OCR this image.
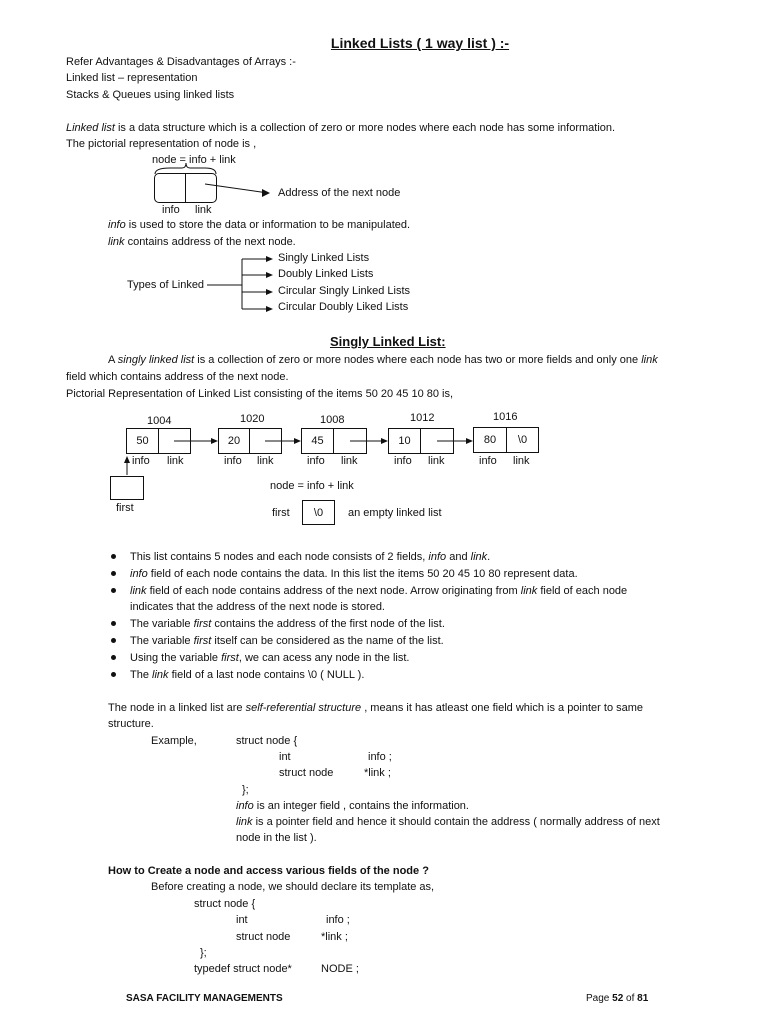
Linked Lists ( 1 way list ) :-
Refer Advantages & Disadvantages of Arrays :-
Linked list – representation
Stacks & Queues using linked lists
Linked list is a data structure which is a collection of zero or more nodes where each node has some information.
The pictorial representation of node is ,
node = info + link
info link
Address of the next node
info is used to store the data or information to be manipulated.
link contains address of the next node.
Types of Linked
Singly Linked Lists
Doubly Linked Lists
Circular Singly Linked Lists
Circular Doubly Liked Lists
Singly Linked List:
A singly linked list is a collection of zero or more nodes where each node has two or more fields and only one link
field which contains address of the next node.
Pictorial Representation of Linked List consisting of the items 50 20 45 10 80 is,
1004	1020	1008	1012	1016
50	20	45	10	80	\0
info link	info link	info link	info link	info link
first
node = info + link
first	\0	an empty linked list
This list contains 5 nodes and each node consists of 2 fields, info and link.
info field of each node contains the data. In this list the items 50 20 45 10 80 represent data.
link field of each node contains address of the next node. Arrow originating from link field of each node
indicates that the address of the next node is stored.
The variable first contains the address of the first node of the list.
The variable first itself can be considered as the name of the list.
Using the variable first, we can acess any node in the list.
The link field of a last node contains \0 ( NULL ).
The node in a linked list are self-referential structure , means it has atleast one field which is a pointer to same
structure.
Example,	struct node {
int	info ;
struct node	*link ;
};
info is an integer field , contains the information.
link is a pointer field and hence it should contain the address ( normally address of next
node in the list ).
How to Create a node and access various fields of the node ?
Before creating a node, we should declare its template as,
struct node {
int	info ;
struct node	*link ;
};
typedef struct node*	NODE ;
SASA FACILITY MANAGEMENTS	Page 52 of 81
